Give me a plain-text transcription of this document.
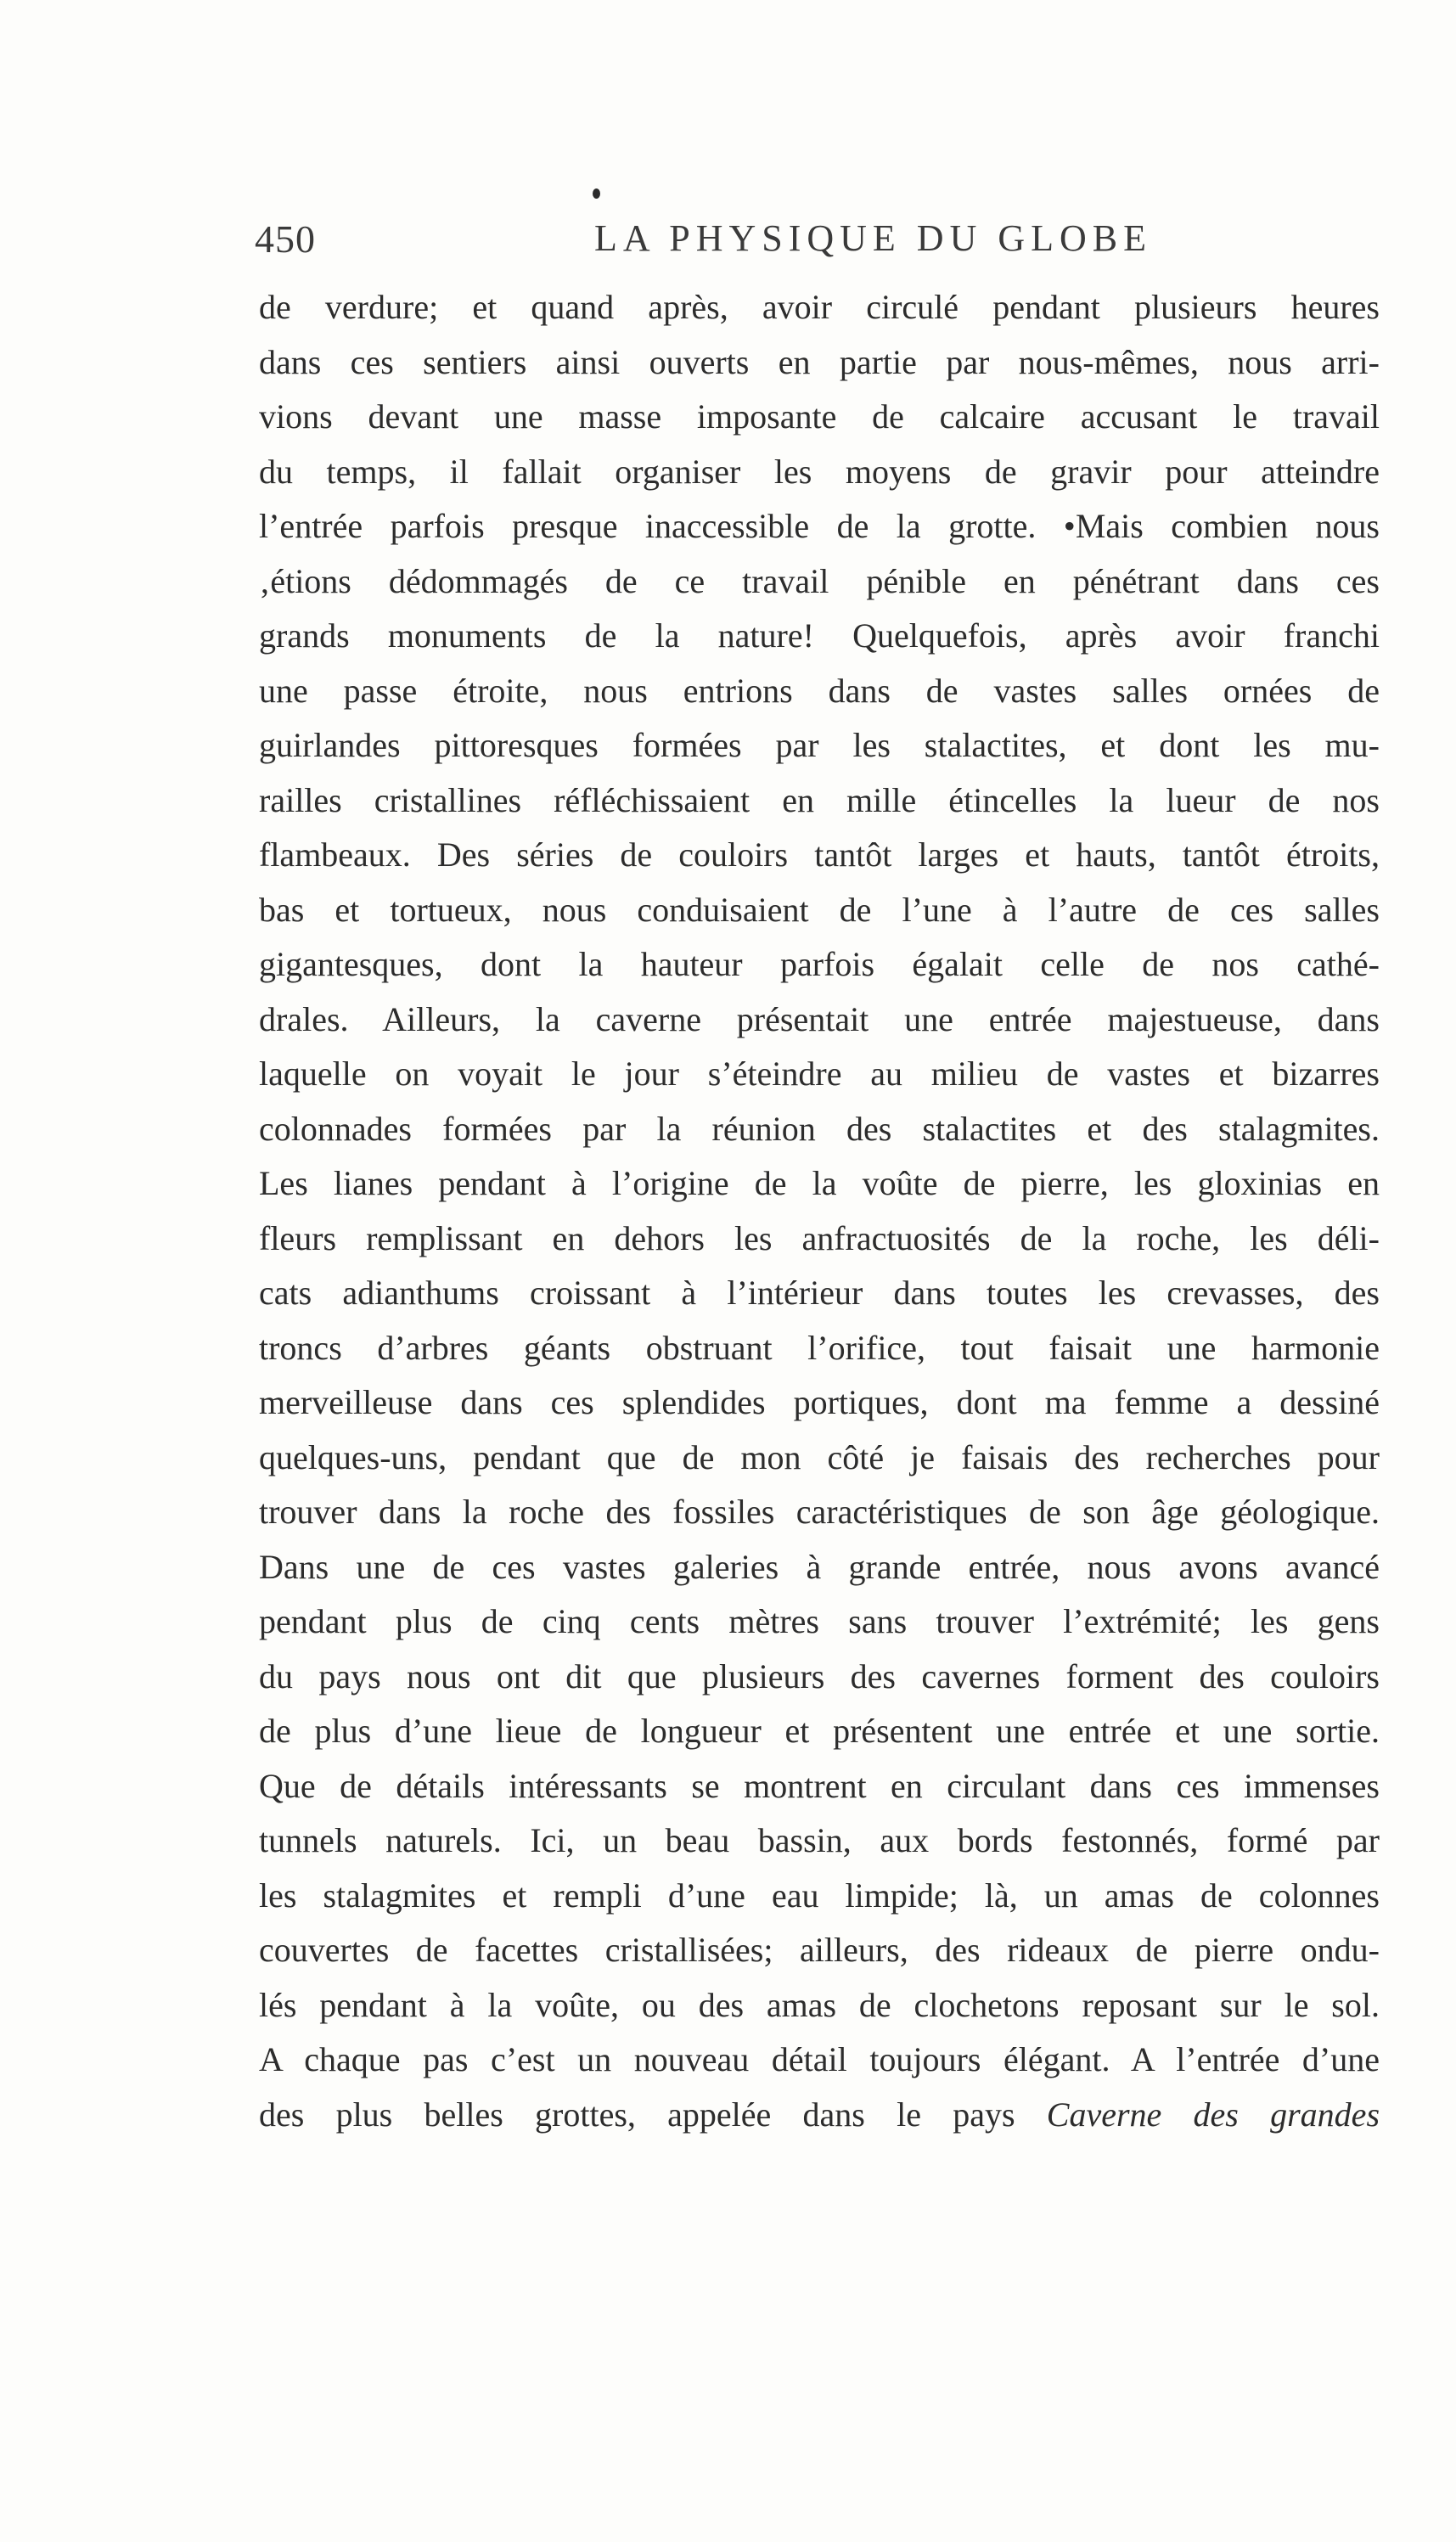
450	LA PHYSIQUE DU GLOBE
de verdure; et quand après, avoir circulé pendant plusieurs heures
dans ces sentiers ainsi ouverts en partie par nous-mêmes, nous arri-
vions devant une masse imposante de calcaire accusant le travail
du temps, il fallait organiser les moyens de gravir pour atteindre
l’entrée parfois presque inaccessible de la grotte. •Mais combien nous
‚étions dédommagés de ce travail pénible en pénétrant dans ces
grands monuments de la nature! Quelquefois, après avoir franchi
une passe étroite, nous entrions dans de vastes salles ornées de
guirlandes pittoresques formées par les stalactites, et dont les mu-
railles cristallines réfléchissaient en mille étincelles la lueur de nos
flambeaux. Des séries de couloirs tantôt larges et hauts, tantôt étroits,
bas et tortueux, nous conduisaient de l’une à l’autre de ces salles
gigantesques, dont la hauteur parfois égalait celle de nos cathé-
drales. Ailleurs, la caverne présentait une entrée majestueuse, dans
laquelle on voyait le jour s’éteindre au milieu de vastes et bizarres
colonnades formées par la réunion des stalactites et des stalagmites.
Les lianes pendant à l’origine de la voûte de pierre, les gloxinias en
fleurs remplissant en dehors les anfractuosités de la roche, les déli-
cats adianthums croissant à l’intérieur dans toutes les crevasses, des
troncs d’arbres géants obstruant l’orifice, tout faisait une harmonie
merveilleuse dans ces splendides portiques, dont ma femme a dessiné
quelques-uns, pendant que de mon côté je faisais des recherches pour
trouver dans la roche des fossiles caractéristiques de son âge géologique.
Dans une de ces vastes galeries à grande entrée, nous avons avancé
pendant plus de cinq cents mètres sans trouver l’extrémité; les gens
du pays nous ont dit que plusieurs des cavernes forment des couloirs
de plus d’une lieue de longueur et présentent une entrée et une sortie.
Que de détails intéressants se montrent en circulant dans ces immenses
tunnels naturels. Ici, un beau bassin, aux bords festonnés, formé par
les stalagmites et rempli d’une eau limpide; là, un amas de colonnes
couvertes de facettes cristallisées; ailleurs, des rideaux de pierre ondu-
lés pendant à la voûte, ou des amas de clochetons reposant sur le sol.
A chaque pas c’est un nouveau détail toujours élégant. A l’entrée d’une
des plus belles grottes, appelée dans le pays Caverne des grandes
